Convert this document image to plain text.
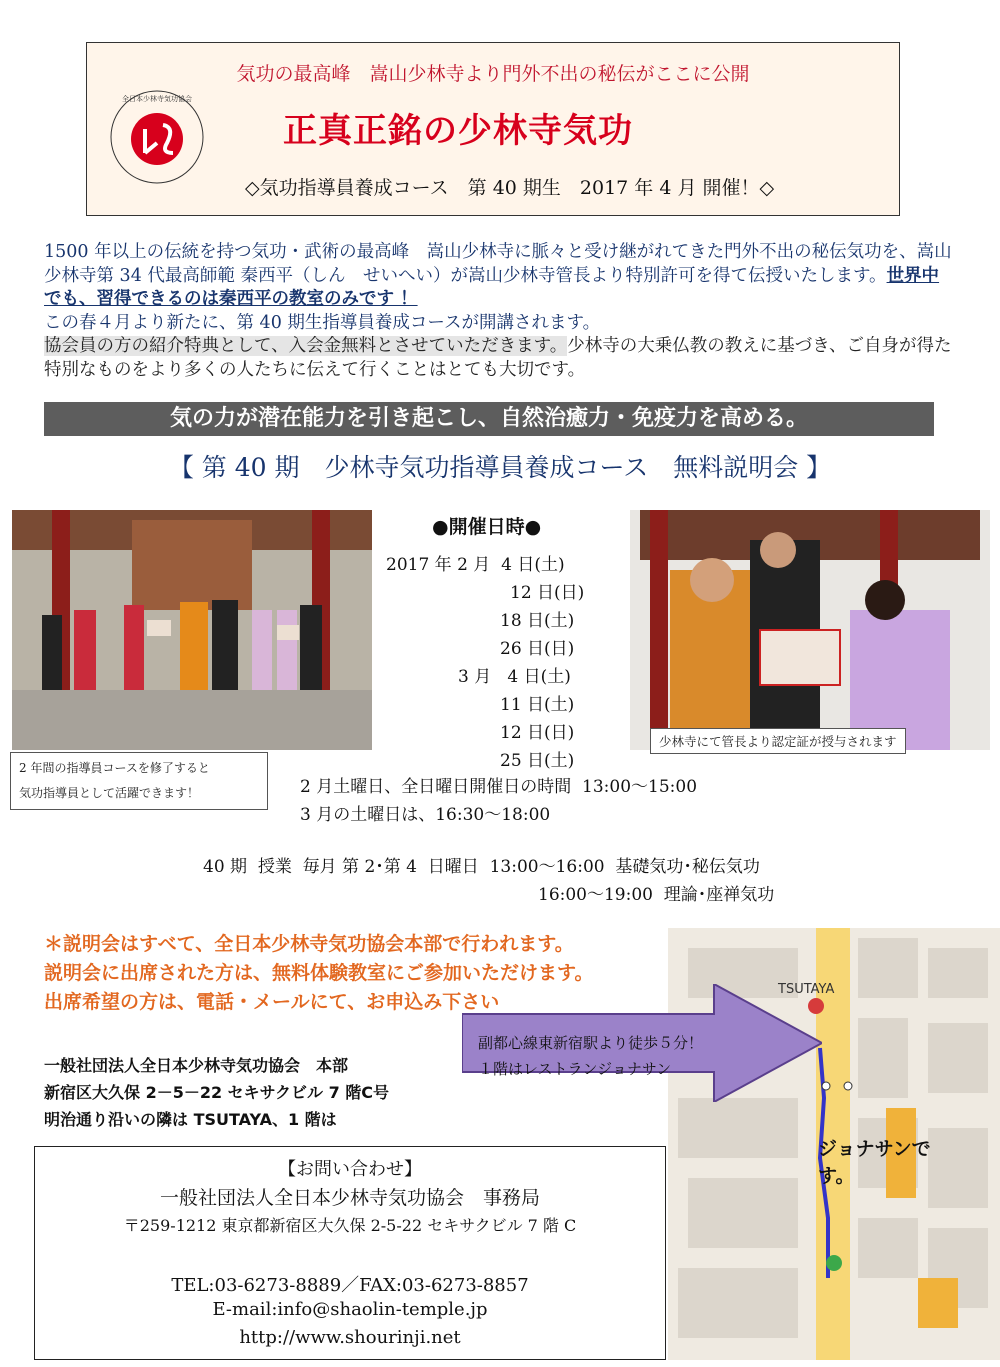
気功の最高峰　嵩山少林寺より門外不出の秘伝がここに公開
全日本少林寺気功協会
正真正銘の少林寺気功
◇気功指導員養成コース　第 40 期生　2017 年 4 月 開催！◇
1500 年以上の伝統を持つ気功・武術の最高峰　嵩山少林寺に脈々と受け継がれてきた門外不出の秘伝気功を、嵩山少林寺第 34 代最高師範 秦西平（しん　せいへい）が嵩山少林寺管長より特別許可を得て伝授いたします。世界中でも、習得できるのは秦西平の教室のみです ！
この春４月より新たに、第 40 期生指導員養成コースが開講されます。
協会員の方の紹介特典として、入会金無料とさせていただきます。少林寺の大乗仏教の教えに基づき、ご自身が得た特別なものをより多くの人たちに伝えて行くことはとても大切です。
気の力が潜在能力を引き起こし、自然治癒力・免疫力を高める。
【 第 40 期　少林寺気功指導員養成コース　無料説明会 】
2 年間の指導員コースを修了すると
気功指導員として活躍できます！
少林寺にて管長より認定証が授与されます
●開催日時●
2017 年 2 月  4 日(土)
12 日(日)
18 日(土)
26 日(日)
3 月   4 日(土)
11 日(土)
12 日(日)
25 日(土)
2 月土曜日、全日曜日開催日の時間  13:00～15:00
3 月の土曜日は、16:30～18:00
40 期  授業  毎月 第 2･第 4  日曜日  13:00～16:00  基礎気功･秘伝気功
16:00～19:00  理論･座禅気功
副都心線東新宿駅より徒歩５分！
１階はレストランジョナサン
TSUTAYA
ジョナサンです。
＊説明会はすべて、全日本少林寺気功協会本部で行われます。
説明会に出席された方は、無料体験教室にご参加いただけます。
出席希望の方は、電話・メールにて、お申込み下さい
一般社団法人全日本少林寺気功協会　本部
新宿区大久保 2－5－22 セキサクビル 7 階C号
明治通り沿いの隣は TSUTAYA、1 階は
【お問い合わせ】
一般社団法人全日本少林寺気功協会　事務局
〒259-1212 東京都新宿区大久保 2-5-22 セキサクビル 7 階 C
TEL:03-6273-8889／FAX:03-6273-8857
E-mail:info@shaolin-temple.jp
http://www.shourinji.net
